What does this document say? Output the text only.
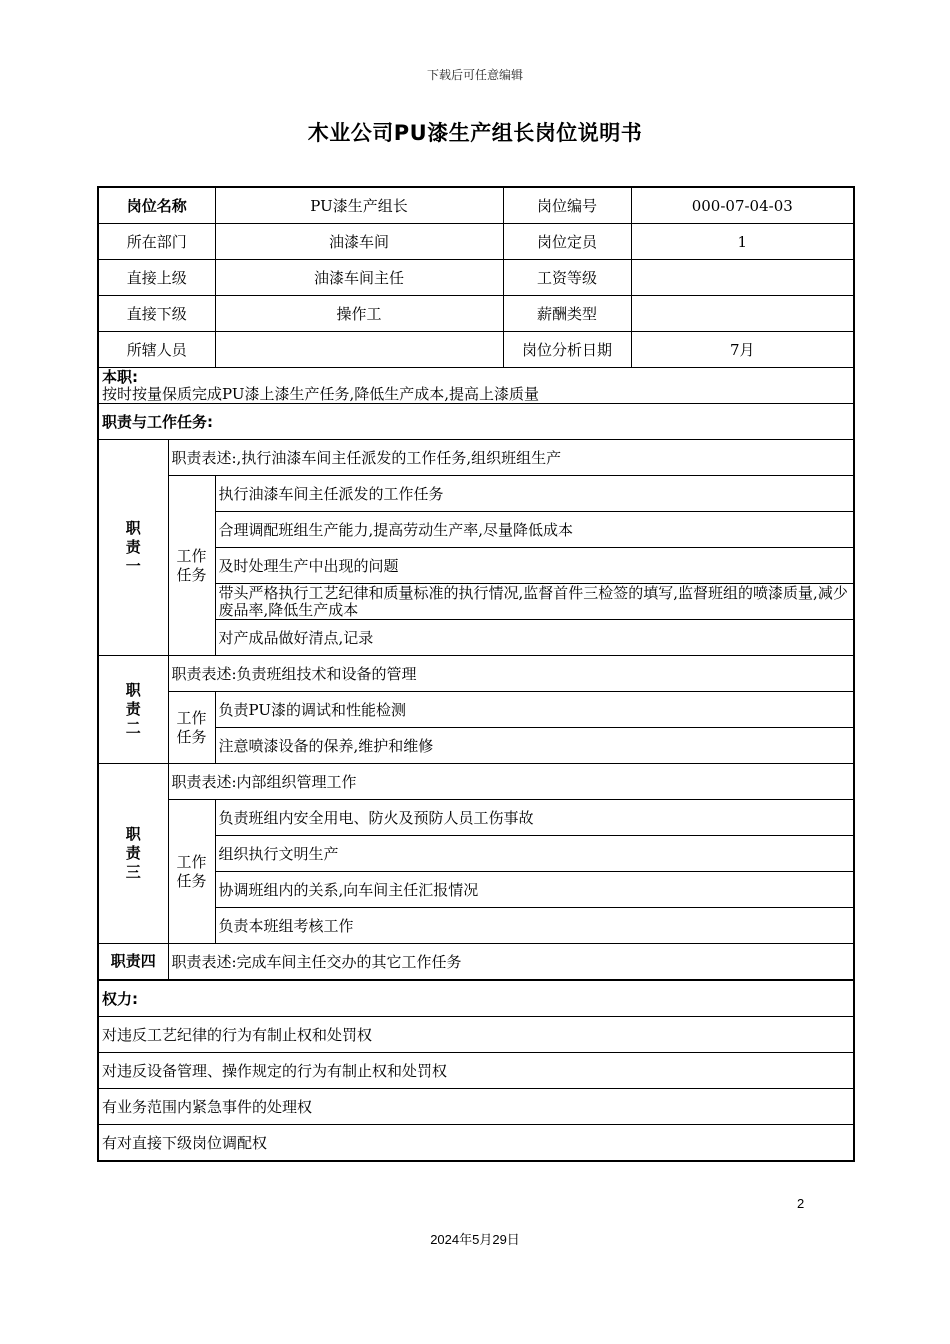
下载后可任意编辑
木业公司PU漆生产组长岗位说明书
岗位名称		PU漆生产组长	岗位编号	000-07-04-03
所在部门		油漆车间	岗位定员	1
直接上级		油漆车间主任	工资等级	
直接下级		操作工	薪酬类型	
所辖人员			岗位分析日期	7月

本职:
按时按量保质完成PU漆上漆生产任务,降低生产成本,提高上漆质量				

职责与工作任务:				

职
责
一	职责表述:,执行油漆车间主任派发的工作任务,组织班组生产			

	工作
任务	执行油漆车间主任派发的工作任务		
		合理调配班组生产能力,提高劳动生产率,尽量降低成本		
		及时处理生产中出现的问题		
		带头严格执行工艺纪律和质量标准的执行情况,监督首件三检签的填写,监督班组的喷漆质量,减少废品率,降低生产成本		
		对产成品做好清点,记录		

职
责
二	职责表述:负责班组技术和设备的管理			

	工作
任务	负责PU漆的调试和性能检测		
		注意喷漆设备的保养,维护和维修		

职
责
三	职责表述:内部组织管理工作			

	工作
任务	负责班组内安全用电、防火及预防人员工伤事故		
		组织执行文明生产		
		协调班组内的关系,向车间主任汇报情况		
		负责本班组考核工作		
职责四	职责表述:完成车间主任交办的其它工作任务			
权力:				
对违反工艺纪律的行为有制止权和处罚权				
对违反设备管理、操作规定的行为有制止权和处罚权				
有业务范围内紧急事件的处理权				
有对直接下级岗位调配权				
2
2024年5月29日
